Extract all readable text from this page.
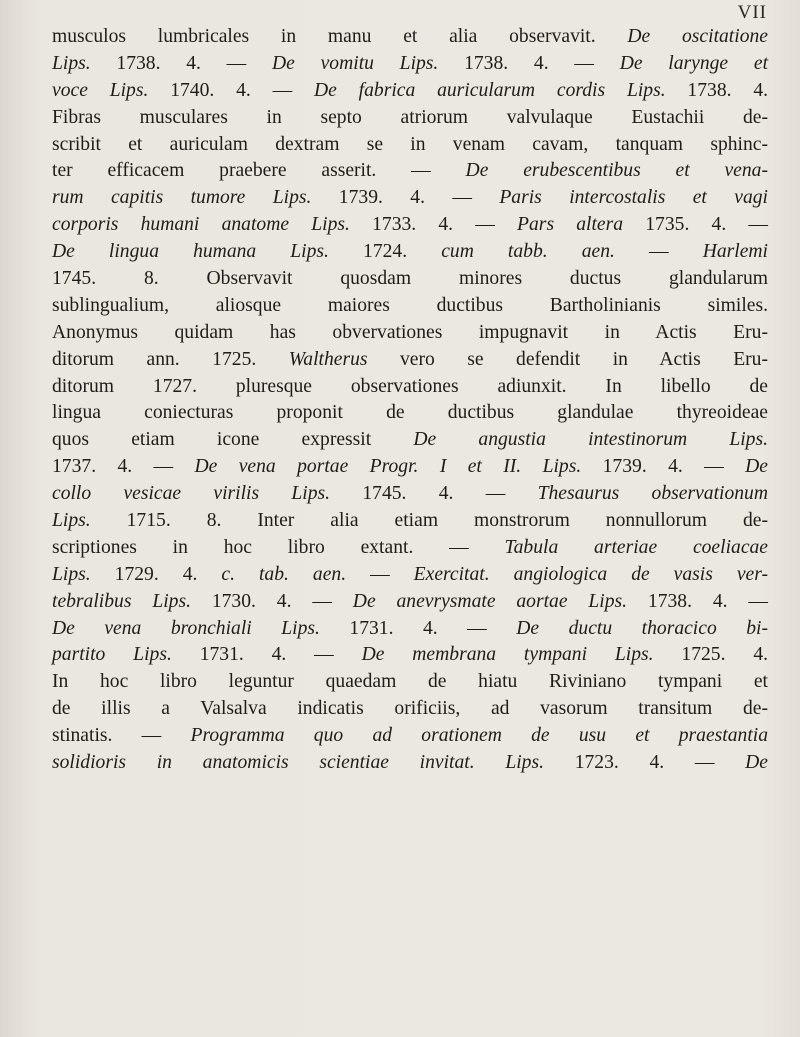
VII
musculos lumbricales in manu et alia observavit. De oscitatione
Lips. 1738. 4. — De vomitu Lips. 1738. 4. — De larynge et
voce Lips. 1740. 4. — De fabrica auricularum cordis Lips. 1738. 4.
Fibras musculares in septo atriorum valvulaque Eustachii de-
scribit et auriculam dextram se in venam cavam, tanquam sphinc-
ter efficacem praebere asserit. — De erubescentibus et vena-
rum capitis tumore Lips. 1739. 4. — Paris intercostalis et vagi
corporis humani anatome Lips. 1733. 4. — Pars altera 1735. 4. —
De lingua humana Lips. 1724. cum tabb. aen. — Harlemi
1745. 8. Observavit quosdam minores ductus glandularum
sublingualium, aliosque maiores ductibus Bartholinianis similes.
Anonymus quidam has obvervationes impugnavit in Actis Eru-
ditorum ann. 1725. Waltherus vero se defendit in Actis Eru-
ditorum 1727. pluresque observationes adiunxit. In libello de
lingua coniecturas proponit de ductibus glandulae thyreoideae
quos etiam icone expressit De angustia intestinorum Lips.
1737. 4. — De vena portae Progr. I et II. Lips. 1739. 4. — De
collo vesicae virilis Lips. 1745. 4. — Thesaurus observationum
Lips. 1715. 8. Inter alia etiam monstrorum nonnullorum de-
scriptiones in hoc libro extant. — Tabula arteriae coeliacae
Lips. 1729. 4. c. tab. aen. — Exercitat. angiologica de vasis ver-
tebralibus Lips. 1730. 4. — De anevrysmate aortae Lips. 1738. 4. —
De vena bronchiali Lips. 1731. 4. — De ductu thoracico bi-
partito Lips. 1731. 4. — De membrana tympani Lips. 1725. 4.
In hoc libro leguntur quaedam de hiatu Riviniano tympani et
de illis a Valsalva indicatis orificiis, ad vasorum transitum de-
stinatis. — Programma quo ad orationem de usu et praestantia
solidioris in anatomicis scientiae invitat. Lips. 1723. 4. — De
